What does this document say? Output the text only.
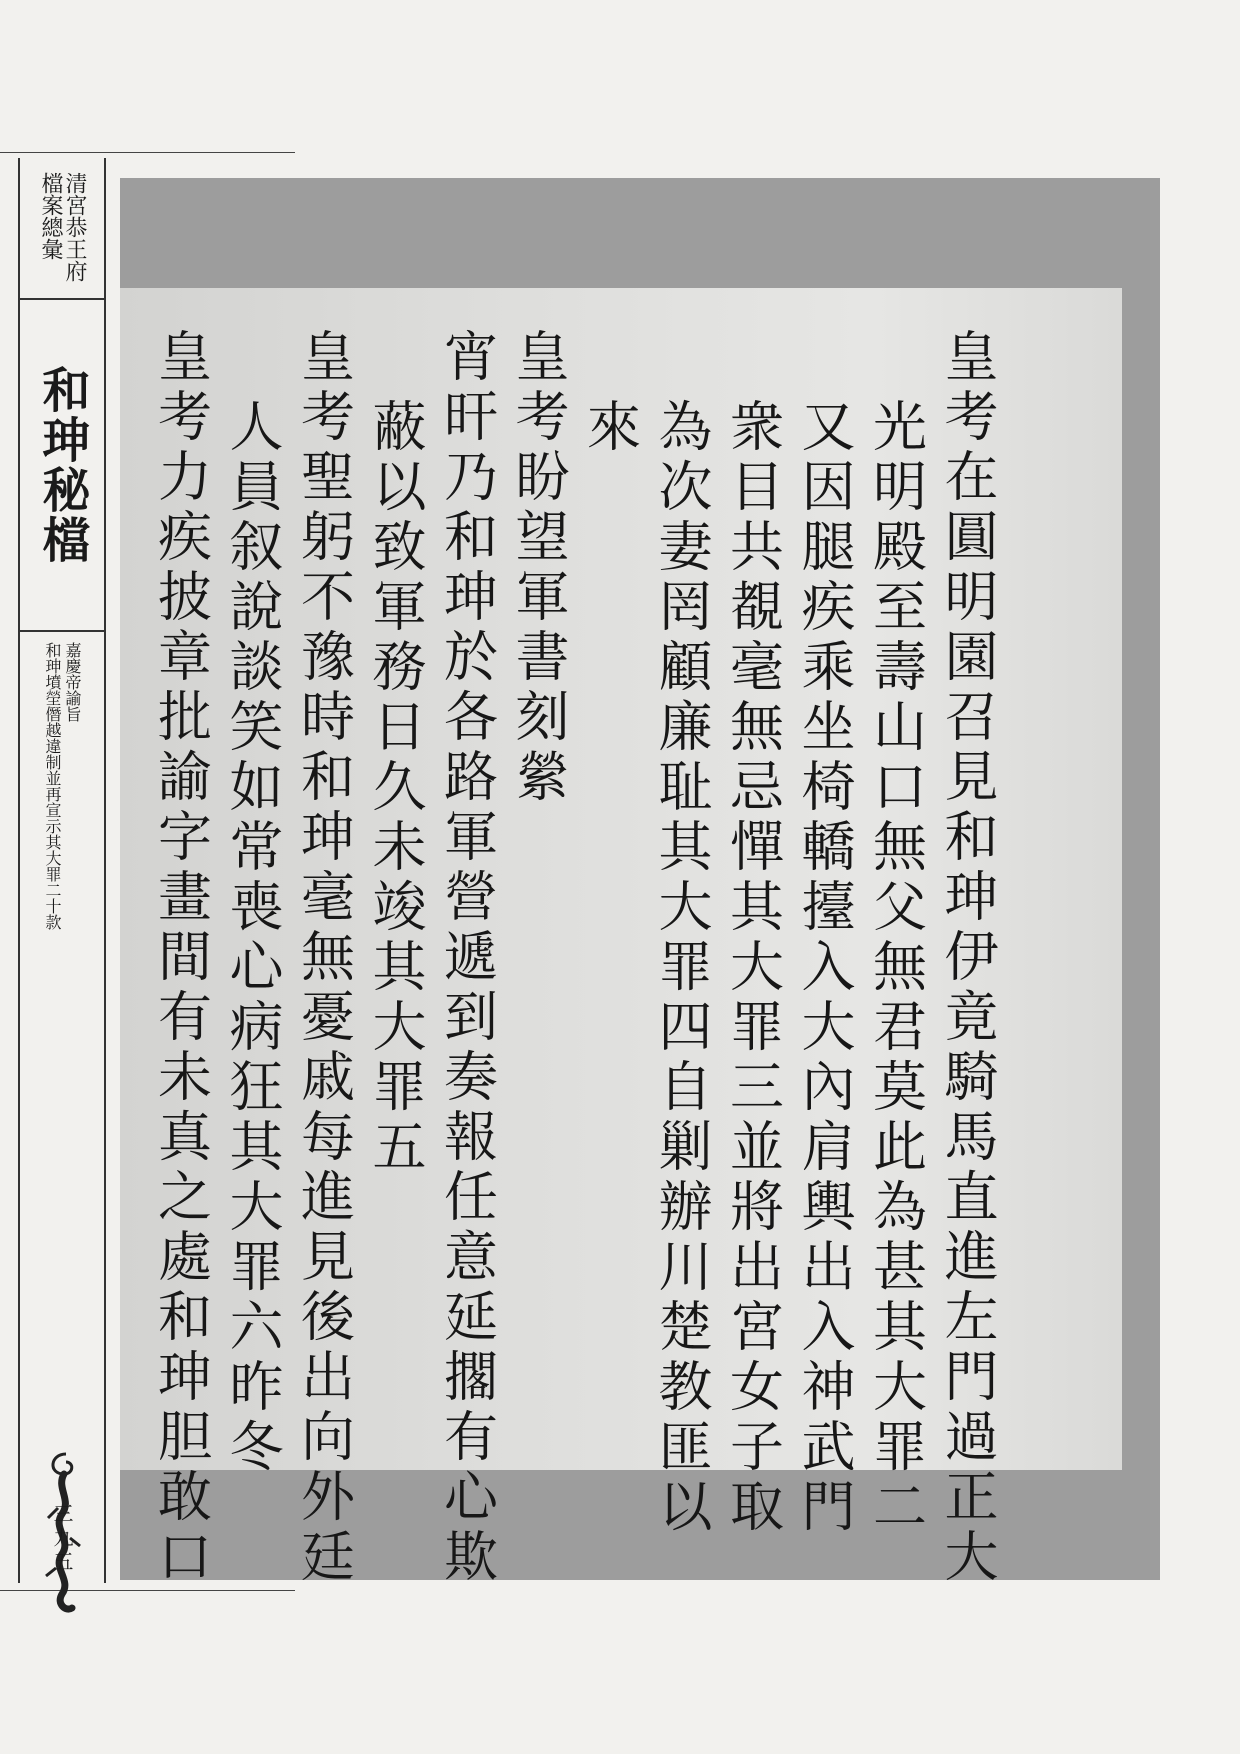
清宮恭王府

檔案總彙

和珅秘檔

嘉慶帝諭旨

和珅墳塋僭越違制並再宣示其大罪二十款

三九五	皇考在圓明園召見和珅伊竟騎馬直進左門過正大
光明殿至壽山口無父無君莫此為甚其大罪二
又因腿疾乘坐椅轎擡入大內肩輿出入神武門
衆目共覩毫無忌憚其大罪三並將出宮女子取
為次妻罔顧廉耻其大罪四自剿辦川楚教匪以
來
皇考盼望軍書刻縈
宵旰乃和珅於各路軍營遞到奏報任意延擱有心欺
蔽以致軍務日久未竣其大罪五
皇考聖躬不豫時和珅毫無憂戚每進見後出向外廷
人員叙說談笑如常喪心病狂其大罪六昨冬
皇考力疾披章批諭字畫間有未真之處和珅胆敢口
